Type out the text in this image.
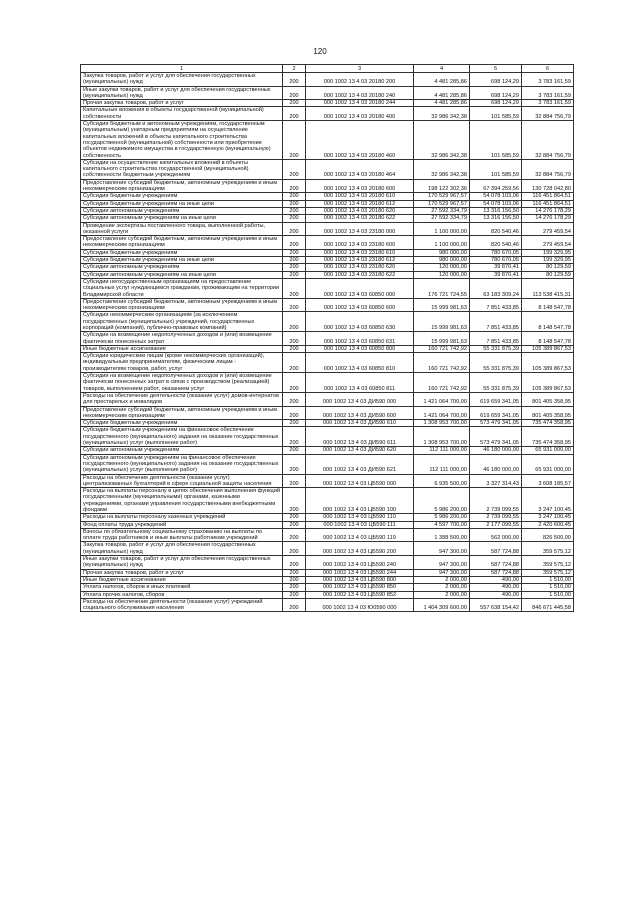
120
1	2	3	4	5	6
Закупка товаров, работ и услуг для обеспечения государственных (муниципальных) нужд	200	000 1002 13 4 03 20180 200	4 481 285,86	698 124,29	3 783 161,59
Иные закупки товаров, работ и услуг для обеспечения государственных (муниципальных) нужд	200	000 1002 13 4 03 20180 240	4 481 285,86	698 124,29	3 783 161,59
Прочая закупка товаров, работ и услуг	200	000 1002 13 4 03 20180 244	4 481 285,86	698 124,29	3 783 161,59
Капитальные вложения в объекты государственной (муниципальной) собственности	200	000 1002 13 4 03 20180 400	32 986 342,38	101 585,59	32 884 756,79
Субсидии бюджетным и автономным учреждениям, государственным (муниципальным) унитарным предприятиям на осуществление капитальных вложений в объекты капитального строительства государственной (муниципальной) собственности или приобретение объектов недвижимого имущества в государственную (муниципальную) собственность	200	000 1002 13 4 03 20180 460	32 986 342,38	101 585,59	32 884 756,79
Субсидии на осуществление капитальных вложений в объекты капитального строительства государственной (муниципальной) собственности бюджетным учреждениям	200	000 1002 13 4 03 20180 464	32 986 342,38	101 585,59	32 884 756,79
Предоставление субсидий бюджетным, автономным учреждениям и иным некоммерческим организациям	200	000 1002 13 4 03 20180 600	198 122 302,36	67 394 259,56	130 728 042,80
Субсидии бюджетным учреждениям	200	000 1002 13 4 03 20180 610	170 529 967,57	54 078 103,06	116 451 864,51
Субсидии бюджетным учреждениям на иные цели	200	000 1002 13 4 03 20180 612	170 529 967,57	54 078 103,06	116 451 864,51
Субсидии автономным учреждениям	200	000 1002 13 4 03 20180 620	27 592 334,79	13 316 156,50	14 276 178,29
Субсидии автономным учреждениям на иные цели	200	000 1002 13 4 03 20180 622	27 592 334,79	13 316 156,50	14 276 178,29
Проведение экспертизы поставленного товара, выполненной работы, оказанной услуги	200	000 1002 13 4 03 23180 000	1 100 000,00	820 540,46	279 459,54
Предоставление субсидий бюджетным, автономным учреждениям и иным некоммерческим организациям	200	000 1002 13 4 03 23180 600	1 100 000,00	820 540,46	279 459,54
Субсидии бюджетным учреждениям	200	000 1002 13 4 03 23180 610	980 000,00	780 670,05	199 329,95
Субсидии бюджетным учреждениям на иные цели	200	000 1002 13 4 03 23180 612	980 000,00	780 670,05	199 329,95
Субсидии автономным учреждениям	200	000 1002 13 4 03 23180 620	120 000,00	39 870,41	80 129,59
Субсидии автономным учреждениям на иные цели	200	000 1002 13 4 03 23180 622	120 000,00	39 870,41	80 129,59
Субсидии негосударственным организациям на предоставление социальных услуг нуждающимся гражданам, проживающим на территории Владимирской области	200	000 1002 13 4 03 60850 000	176 721 724,55	63 183 309,24	113 538 415,31
Предоставление субсидий бюджетным, автономным учреждениям и иным некоммерческим организациям	200	000 1002 13 4 03 60850 600	15 999 981,63	7 851 433,85	8 148 547,78
Субсидии некоммерческим организациям (за исключением государственных (муниципальных) учреждений, государственных корпораций (компаний), публично-правовых компаний)	200	000 1002 13 4 03 60850 630	15 999 981,63	7 851 433,85	8 148 547,78
Субсидии на возмещение недополученных доходов и (или) возмещение фактически понесенных затрат	200	000 1002 13 4 03 60850 631	15 999 981,63	7 851 433,85	8 148 547,78
Иные бюджетные ассигнования	200	000 1002 13 4 03 60850 800	160 721 742,92	55 331 875,39	105 389 867,53
Субсидии юридическим лицам (кроме некоммерческих организаций), индивидуальным предпринимателям, физическим лицам - производителям товаров, работ, услуг	200	000 1002 13 4 03 60850 810	160 721 742,92	55 331 875,39	105 389 867,53
Субсидии на возмещение недополученных доходов и (или) возмещение фактически понесенных затрат в связи с производством (реализацией) товаров, выполнением работ, оказанием услуг	200	000 1002 13 4 03 60850 811	160 721 742,92	55 331 875,39	105 389 867,53
Расходы на обеспечение деятельности (оказание услуг) домов-интернатов для престарелых и инвалидов	200	000 1002 13 4 03 ДИ590 000	1 421 064 700,00	619 659 341,05	801 405 358,95
Предоставление субсидий бюджетным, автономным учреждениям и иным некоммерческим организациям	200	000 1002 13 4 03 ДИ590 600	1 421 064 700,00	619 659 341,05	801 405 358,95
Субсидии бюджетным учреждениям	200	000 1002 13 4 03 ДИ590 610	1 308 953 700,00	573 479 341,05	735 474 358,95
Субсидии бюджетным учреждениям на финансовое обеспечение государственного (муниципального) задания на оказание государственных (муниципальных) услуг (выполнение работ)	200	000 1002 13 4 03 ДИ590 611	1 308 953 700,00	573 479 341,05	735 474 358,95
Субсидии автономным учреждениям	200	000 1002 13 4 03 ДИ590 620	112 111 000,00	46 180 000,00	65 931 000,00
Субсидии автономным учреждениям на финансовое обеспечение государственного (муниципального) задания на оказание государственных (муниципальных) услуг (выполнение работ)	200	000 1002 13 4 03 ДИ590 621	112 111 000,00	46 180 000,00	65 931 000,00
Расходы на обеспечение деятельности (оказание услуг) централизованных бухгалтерий в сфере социальной защиты населения	200	000 1002 13 4 03 ЦБ590 000	6 935 500,00	3 327 314,43	3 608 185,57
Расходы на выплаты персоналу в целях обеспечения выполнения функций государственными (муниципальными) органами, казенными учреждениями, органами управления государственными внебюджетными фондами	200	000 1002 13 4 03 ЦБ590 100	5 986 200,00	2 739 099,55	3 247 100,45
Расходы на выплаты персоналу казенных учреждений	200	000 1002 13 4 03 ЦБ590 110	5 986 200,00	2 739 099,55	3 247 100,45
Фонд оплаты труда учреждений	200	000 1002 13 4 03 ЦБ590 111	4 597 700,00	2 177 099,55	2 420 600,45
Взносы по обязательному социальному страхованию на выплаты по оплате труда работников и иные выплаты работникам учреждений	200	000 1002 13 4 03 ЦБ590 119	1 388 500,00	562 000,00	826 500,00
Закупка товаров, работ и услуг для обеспечения государственных (муниципальных) нужд	200	000 1002 13 4 03 ЦБ590 200	947 300,00	587 724,88	359 575,12
Иные закупки товаров, работ и услуг для обеспечения государственных (муниципальных) нужд	200	000 1002 13 4 03 ЦБ590 240	947 300,00	587 724,88	359 575,12
Прочая закупка товаров, работ и услуг	200	000 1002 13 4 03 ЦБ590 244	947 300,00	587 724,88	359 575,12
Иные бюджетные ассигнования	200	000 1002 13 4 03 ЦБ590 800	2 000,00	490,00	1 510,00
Уплата налогов, сборов и иных платежей	200	000 1002 13 4 03 ЦБ590 850	2 000,00	490,00	1 510,00
Уплата прочих налогов, сборов	200	000 1002 13 4 03 ЦБ590 852	2 000,00	490,00	1 510,00
Расходы на обеспечение деятельности (оказание услуг) учреждений социального обслуживания населения	200	000 1002 13 4 03 Ю0590 000	1 404 309 600,00	557 638 154,42	846 671 445,58
